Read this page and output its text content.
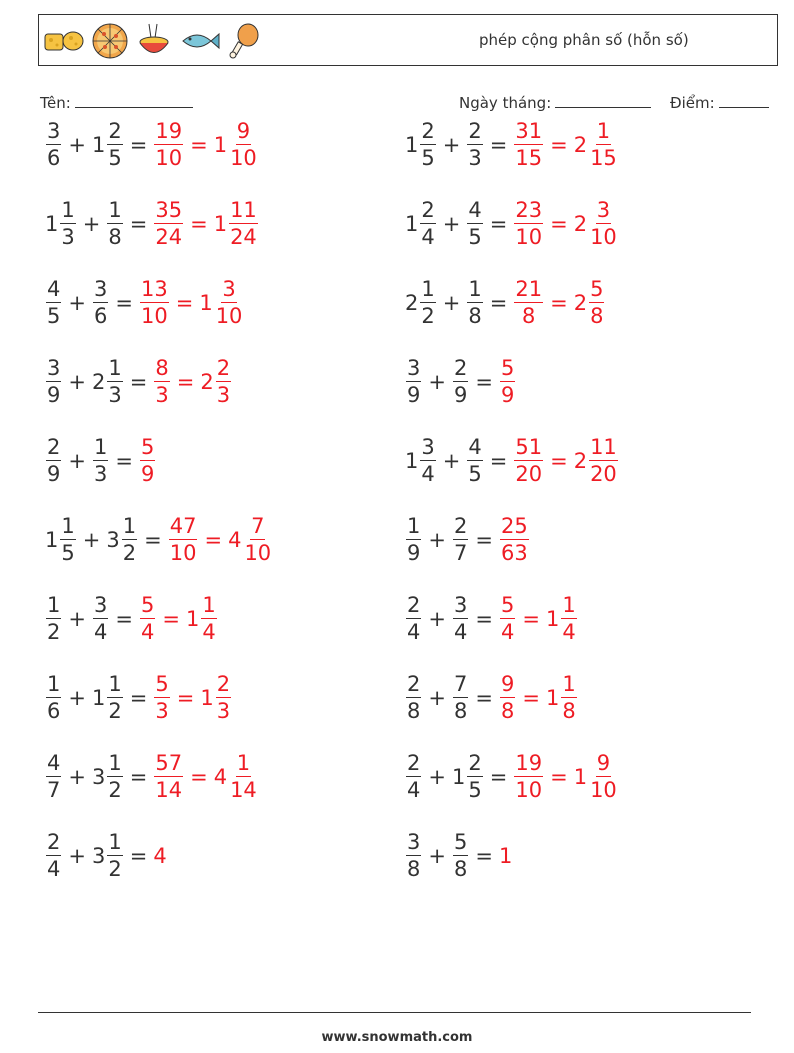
phép cộng phân số (hỗn số)
Tên:	Ngày tháng:	Điểm:
$\frac{3}{6} + 1 \frac{2}{5} = \frac{19}{10} = 1 \frac{9}{10}$	$1 \frac{2}{5} + \frac{2}{3} = \frac{31}{15} = 2 \frac{1}{15}$
$1 \frac{1}{3} + \frac{1}{8} = \frac{35}{24} = 1 \frac{11}{24}$	$1 \frac{2}{4} + \frac{4}{5} = \frac{23}{10} = 2 \frac{3}{10}$
$\frac{4}{5} + \frac{3}{6} = \frac{13}{10} = 1 \frac{3}{10}$	$2 \frac{1}{2} + \frac{1}{8} = \frac{21}{8} = 2 \frac{5}{8}$
$\frac{3}{9} + 2 \frac{1}{3} = \frac{8}{3} = 2 \frac{2}{3}$	$\frac{3}{9} + \frac{2}{9} = \frac{5}{9}$
$\frac{2}{9} + \frac{1}{3} = \frac{5}{9}$	$1 \frac{3}{4} + \frac{4}{5} = \frac{51}{20} = 2 \frac{11}{20}$
$1 \frac{1}{5} + 3 \frac{1}{2} = \frac{47}{10} = 4 \frac{7}{10}$	$\frac{1}{9} + \frac{2}{7} = \frac{25}{63}$
$\frac{1}{2} + \frac{3}{4} = \frac{5}{4} = 1 \frac{1}{4}$	$\frac{2}{4} + \frac{3}{4} = \frac{5}{4} = 1 \frac{1}{4}$
$\frac{1}{6} + 1 \frac{1}{2} = \frac{5}{3} = 1 \frac{2}{3}$	$\frac{2}{8} + \frac{7}{8} = \frac{9}{8} = 1 \frac{1}{8}$
$\frac{4}{7} + 3 \frac{1}{2} = \frac{57}{14} = 4 \frac{1}{14}$	$\frac{2}{4} + 1 \frac{2}{5} = \frac{19}{10} = 1 \frac{9}{10}$
$\frac{2}{4} + 3 \frac{1}{2} = 4$	$\frac{3}{8} + \frac{5}{8} = 1$
www.snowmath.com
